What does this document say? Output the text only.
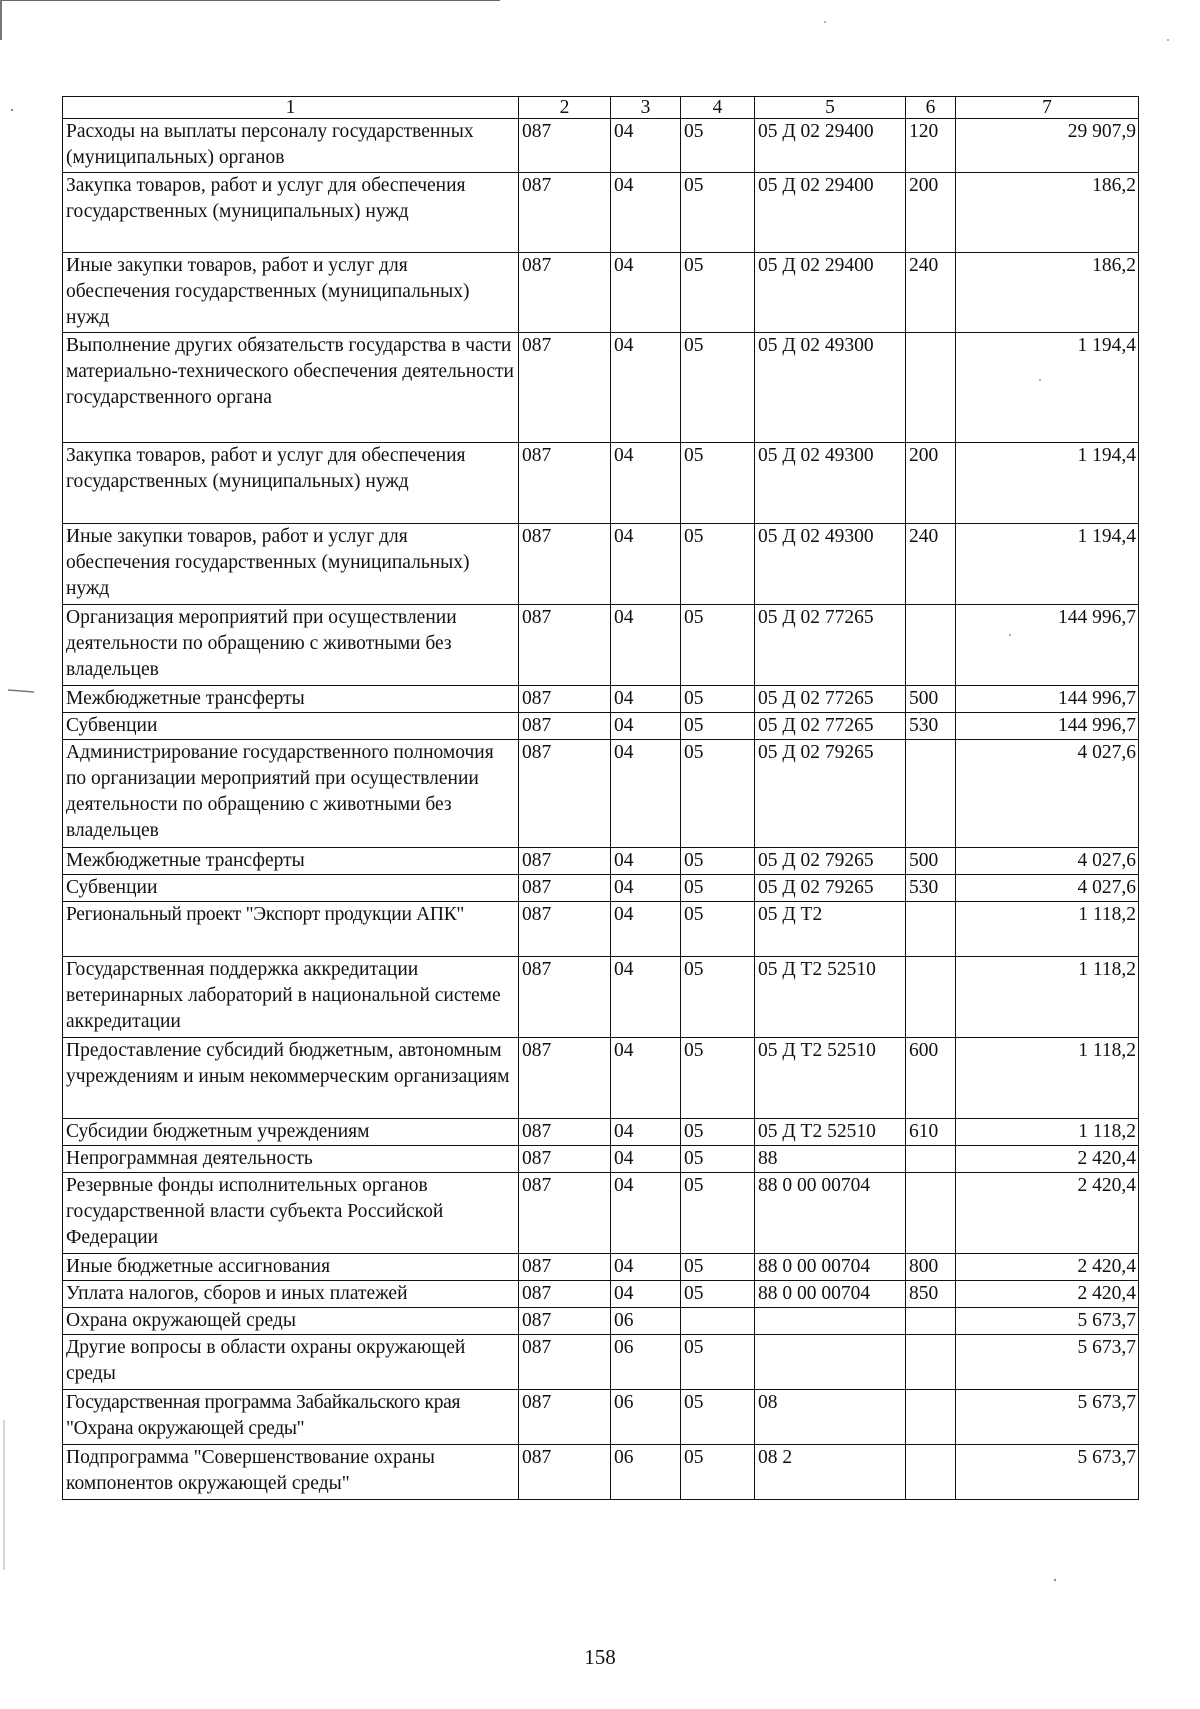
1	2	3	4	5	6	7
Расходы на выплаты персоналу государственных (муниципальных) органов	087	04	05	05 Д 02 29400	120	29 907,9
Закупка товаров, работ и услуг для обеспечения государственных (муниципальных) нужд	087	04	05	05 Д 02 29400	200	186,2
Иные закупки товаров, работ и услуг для обеспечения государственных (муниципальных) нужд	087	04	05	05 Д 02 29400	240	186,2
Выполнение других обязательств государства в части материально-технического обеспечения деятельности государственного органа	087	04	05	05 Д 02 49300		1 194,4
Закупка товаров, работ и услуг для обеспечения государственных (муниципальных) нужд	087	04	05	05 Д 02 49300	200	1 194,4
Иные закупки товаров, работ и услуг для обеспечения государственных (муниципальных) нужд	087	04	05	05 Д 02 49300	240	1 194,4
Организация мероприятий при осуществлении деятельности по обращению с животными без владельцев	087	04	05	05 Д 02 77265		144 996,7
Межбюджетные трансферты	087	04	05	05 Д 02 77265	500	144 996,7
Субвенции	087	04	05	05 Д 02 77265	530	144 996,7
Администрирование государственного полномочия по организации мероприятий при осуществлении деятельности по обращению с животными без владельцев	087	04	05	05 Д 02 79265		4 027,6
Межбюджетные трансферты	087	04	05	05 Д 02 79265	500	4 027,6
Субвенции	087	04	05	05 Д 02 79265	530	4 027,6
Региональный проект "Экспорт продукции АПК"	087	04	05	05 Д Т2		1 118,2
Государственная поддержка аккредитации ветеринарных лабораторий в национальной системе аккредитации	087	04	05	05 Д Т2 52510		1 118,2
Предоставление субсидий бюджетным, автономным учреждениям и иным некоммерческим организациям	087	04	05	05 Д Т2 52510	600	1 118,2
Субсидии бюджетным учреждениям	087	04	05	05 Д Т2 52510	610	1 118,2
Непрограммная деятельность	087	04	05	88		2 420,4
Резервные фонды исполнительных органов государственной власти субъекта Российской Федерации	087	04	05	88 0 00 00704		2 420,4
Иные бюджетные ассигнования	087	04	05	88 0 00 00704	800	2 420,4
Уплата налогов, сборов и иных платежей	087	04	05	88 0 00 00704	850	2 420,4
Охрана окружающей среды	087	06				5 673,7
Другие вопросы в области охраны окружающей среды	087	06	05			5 673,7
Государственная программа Забайкальского края "Охрана окружающей среды"	087	06	05	08		5 673,7
Подпрограмма "Совершенствование охраны компонентов окружающей среды"	087	06	05	08 2		5 673,7
158
